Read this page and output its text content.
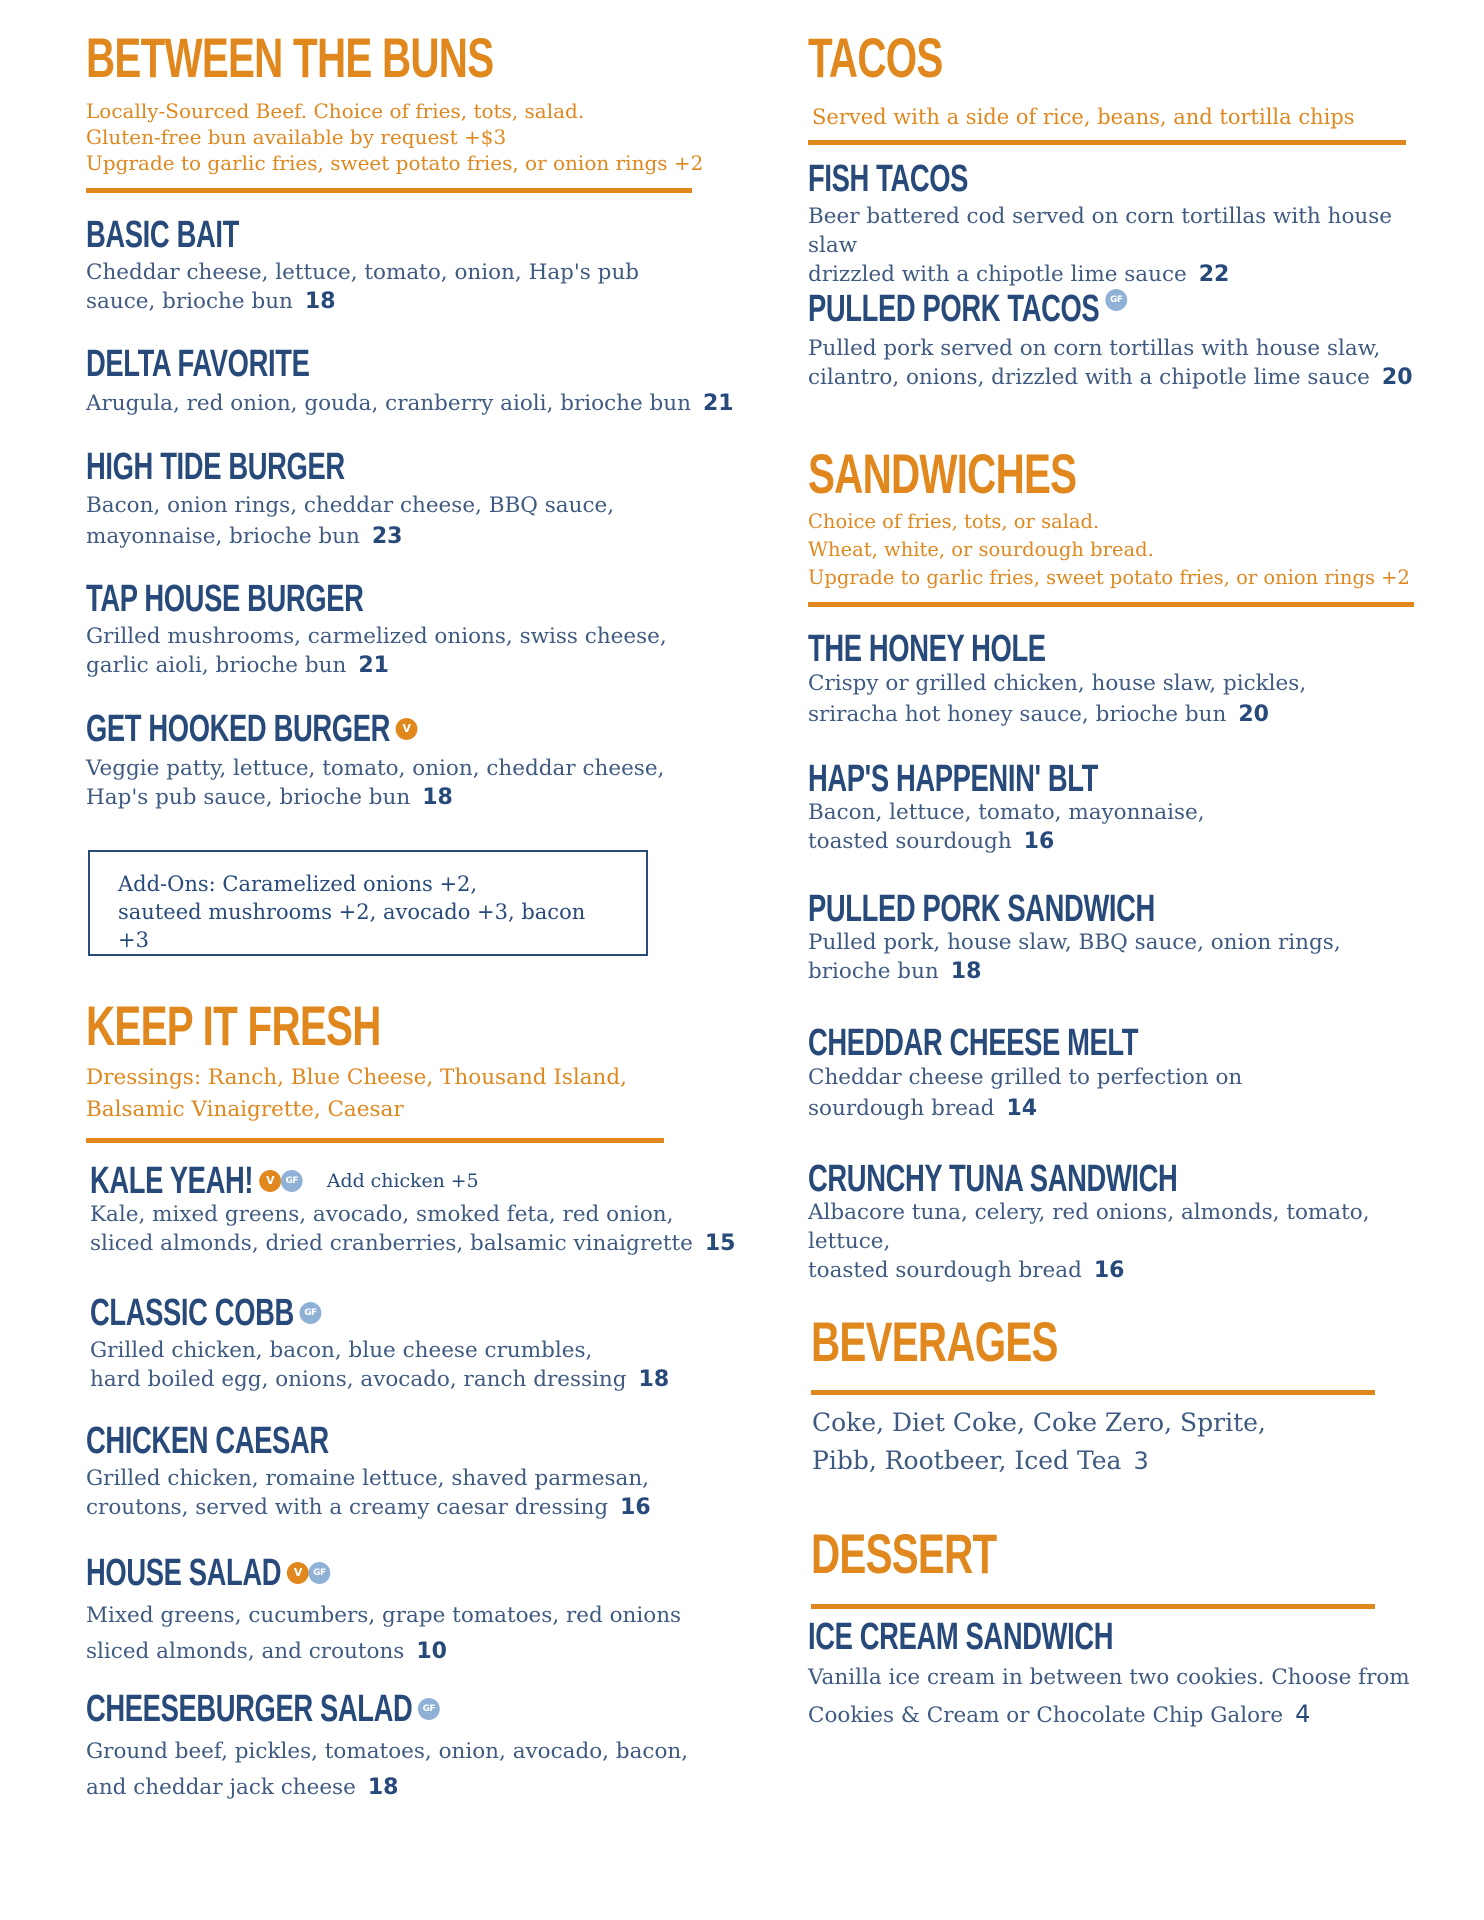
BETWEEN THE BUNS
Locally-Sourced Beef. Choice of fries, tots, salad.
Gluten-free bun available by request +$3
Upgrade to garlic fries, sweet potato fries, or onion rings +2
BASIC BAIT
Cheddar cheese, lettuce, tomato, onion, Hap's pub
sauce, brioche bun 18
DELTA FAVORITE
Arugula, red onion, gouda, cranberry aioli, brioche bun 21
HIGH TIDE BURGER
Bacon, onion rings, cheddar cheese, BBQ sauce,
mayonnaise, brioche bun 23
TAP HOUSE BURGER
Grilled mushrooms, carmelized onions, swiss cheese,
garlic aioli, brioche bun 21
GET HOOKED BURGER	V
Veggie patty, lettuce, tomato, onion, cheddar cheese,
Hap's pub sauce, brioche bun 18
Add-Ons: Caramelized onions +2,
sauteed mushrooms +2, avocado +3, bacon +3
KEEP IT FRESH
Dressings: Ranch, Blue Cheese, Thousand Island,
Balsamic Vinaigrette, Caesar
KALE YEAH!	V	GF Add chicken +5
Kale, mixed greens, avocado, smoked feta, red onion,
sliced almonds, dried cranberries, balsamic vinaigrette 15
CLASSIC COBB	GF
Grilled chicken, bacon, blue cheese crumbles,
hard boiled egg, onions, avocado, ranch dressing 18
CHICKEN CAESAR
Grilled chicken, romaine lettuce, shaved parmesan,
croutons, served with a creamy caesar dressing 16
HOUSE SALAD	V	GF
Mixed greens, cucumbers, grape tomatoes, red onions
sliced almonds, and croutons 10
CHEESEBURGER SALAD	GF
Ground beef, pickles, tomatoes, onion, avocado, bacon,
and cheddar jack cheese 18
TACOS
Served with a side of rice, beans, and tortilla chips
FISH TACOS
Beer battered cod served on corn tortillas with house slaw
drizzled with a chipotle lime sauce 22
PULLED PORK TACOS	GF
Pulled pork served on corn tortillas with house slaw,
cilantro, onions, drizzled with a chipotle lime sauce 20
SANDWICHES
Choice of fries, tots, or salad.
Wheat, white, or sourdough bread.
Upgrade to garlic fries, sweet potato fries, or onion rings +2
THE HONEY HOLE
Crispy or grilled chicken, house slaw, pickles,
sriracha hot honey sauce, brioche bun 20
HAP'S HAPPENIN' BLT
Bacon, lettuce, tomato, mayonnaise,
toasted sourdough 16
PULLED PORK SANDWICH
Pulled pork, house slaw, BBQ sauce, onion rings,
brioche bun 18
CHEDDAR CHEESE MELT
Cheddar cheese grilled to perfection on
sourdough bread 14
CRUNCHY TUNA SANDWICH
Albacore tuna, celery, red onions, almonds, tomato, lettuce,
toasted sourdough bread 16
BEVERAGES
Coke, Diet Coke, Coke Zero, Sprite,
Pibb, Rootbeer, Iced Tea 3
DESSERT
ICE CREAM SANDWICH
Vanilla ice cream in between two cookies. Choose from
Cookies & Cream or Chocolate Chip Galore 4
